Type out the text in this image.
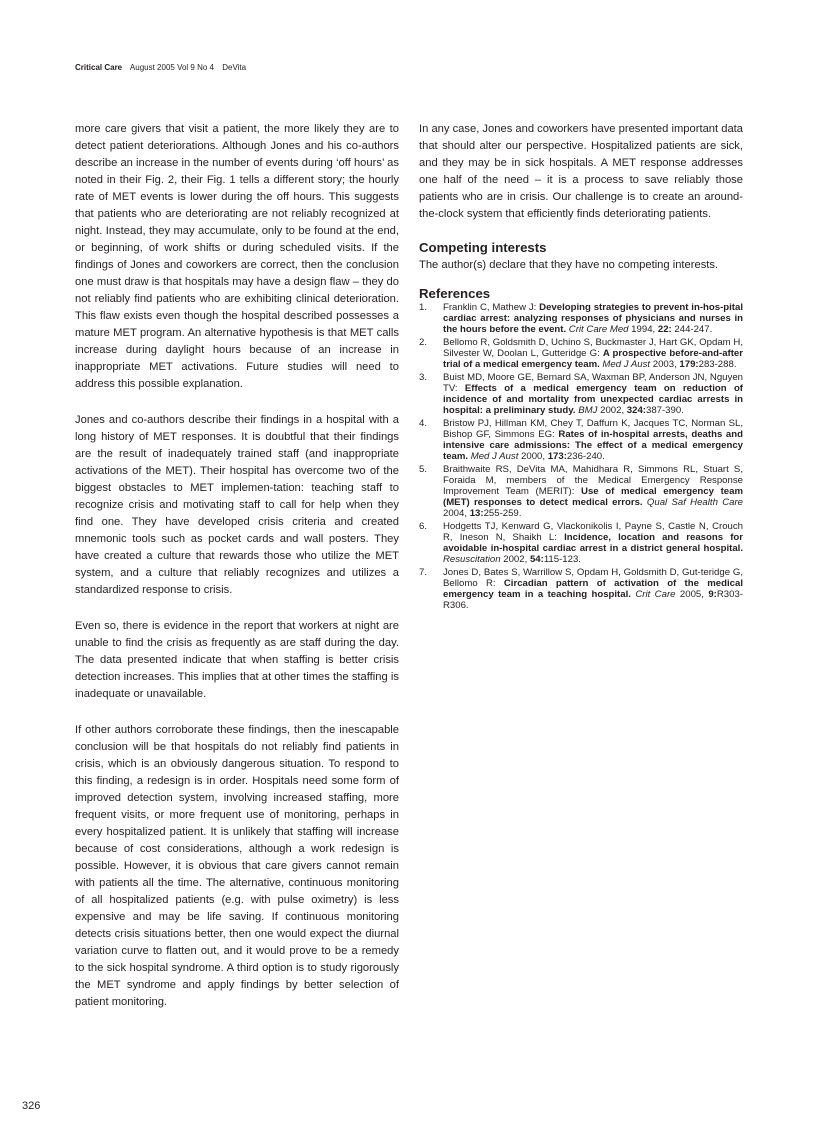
Critical Care August 2005 Vol 9 No 4 DeVita

more care givers that visit a patient, the more likely they are to detect patient deteriorations. Although Jones and his co-authors describe an increase in the number of events during ‘off hours’ as noted in their Fig. 2, their Fig. 1 tells a different story; the hourly rate of MET events is lower during the off hours. This suggests that patients who are deteriorating are not reliably recognized at night. Instead, they may accumulate, only to be found at the end, or beginning, of work shifts or during scheduled visits. If the findings of Jones and coworkers are correct, then the conclusion one must draw is that hospitals may have a design flaw – they do not reliably find patients who are exhibiting clinical deterioration. This flaw exists even though the hospital described possesses a mature MET program. An alternative hypothesis is that MET calls increase during daylight hours because of an increase in inappropriate MET activations. Future studies will need to address this possible explanation.

Jones and co-authors describe their findings in a hospital with a long history of MET responses. It is doubtful that their findings are the result of inadequately trained staff (and inappropriate activations of the MET). Their hospital has overcome two of the biggest obstacles to MET implemen-tation: teaching staff to recognize crisis and motivating staff to call for help when they find one. They have developed crisis criteria and created mnemonic tools such as pocket cards and wall posters. They have created a culture that rewards those who utilize the MET system, and a culture that reliably recognizes and utilizes a standardized response to crisis.

Even so, there is evidence in the report that workers at night are unable to find the crisis as frequently as are staff during the day. The data presented indicate that when staffing is better crisis detection increases. This implies that at other times the staffing is inadequate or unavailable.

If other authors corroborate these findings, then the inescapable conclusion will be that hospitals do not reliably find patients in crisis, which is an obviously dangerous situation. To respond to this finding, a redesign is in order. Hospitals need some form of improved detection system, involving increased staffing, more frequent visits, or more frequent use of monitoring, perhaps in every hospitalized patient. It is unlikely that staffing will increase because of cost considerations, although a work redesign is possible. However, it is obvious that care givers cannot remain with patients all the time. The alternative, continuous monitoring of all hospitalized patients (e.g. with pulse oximetry) is less expensive and may be life saving. If continuous monitoring detects crisis situations better, then one would expect the diurnal variation curve to flatten out, and it would prove to be a remedy to the sick hospital syndrome. A third option is to study rigorously the MET syndrome and apply findings by better selection of patient monitoring.

In any case, Jones and coworkers have presented important data that should alter our perspective. Hospitalized patients are sick, and they may be in sick hospitals. A MET response addresses one half of the need – it is a process to save reliably those patients who are in crisis. Our challenge is to create an around-the-clock system that efficiently finds deteriorating patients.

Competing interests

The author(s) declare that they have no competing interests.

References
1. Franklin C, Mathew J: Developing strategies to prevent in-hos-pital cardiac arrest: analyzing responses of physicians and nurses in the hours before the event. Crit Care Med 1994, 22: 244-247.
2. Bellomo R, Goldsmith D, Uchino S, Buckmaster J, Hart GK, Opdam H, Silvester W, Doolan L, Gutteridge G: A prospective before-and-after trial of a medical emergency team. Med J Aust 2003, 179:283-288.
3. Buist MD, Moore GE, Bernard SA, Waxman BP, Anderson JN, Nguyen TV: Effects of a medical emergency team on reduction of incidence of and mortality from unexpected cardiac arrests in hospital: a preliminary study. BMJ 2002, 324:387-390.
4. Bristow PJ, Hillman KM, Chey T, Daffurn K, Jacques TC, Norman SL, Bishop GF, Simmons EG: Rates of in-hospital arrests, deaths and intensive care admissions: The effect of a medical emergency team. Med J Aust 2000, 173:236-240.
5. Braithwaite RS, DeVita MA, Mahidhara R, Simmons RL, Stuart S, Foraida M, members of the Medical Emergency Response Improvement Team (MERIT): Use of medical emergency team (MET) responses to detect medical errors. Qual Saf Health Care 2004, 13:255-259.
6. Hodgetts TJ, Kenward G, Vlackonikolis I, Payne S, Castle N, Crouch R, Ineson N, Shaikh L: Incidence, location and reasons for avoidable in-hospital cardiac arrest in a district general hospital. Resuscitation 2002, 54:115-123.
7. Jones D, Bates S, Warrillow S, Opdam H, Goldsmith D, Gut-teridge G, Bellomo R: Circadian pattern of activation of the medical emergency team in a teaching hospital. Crit Care 2005, 9:R303-R306.
326
